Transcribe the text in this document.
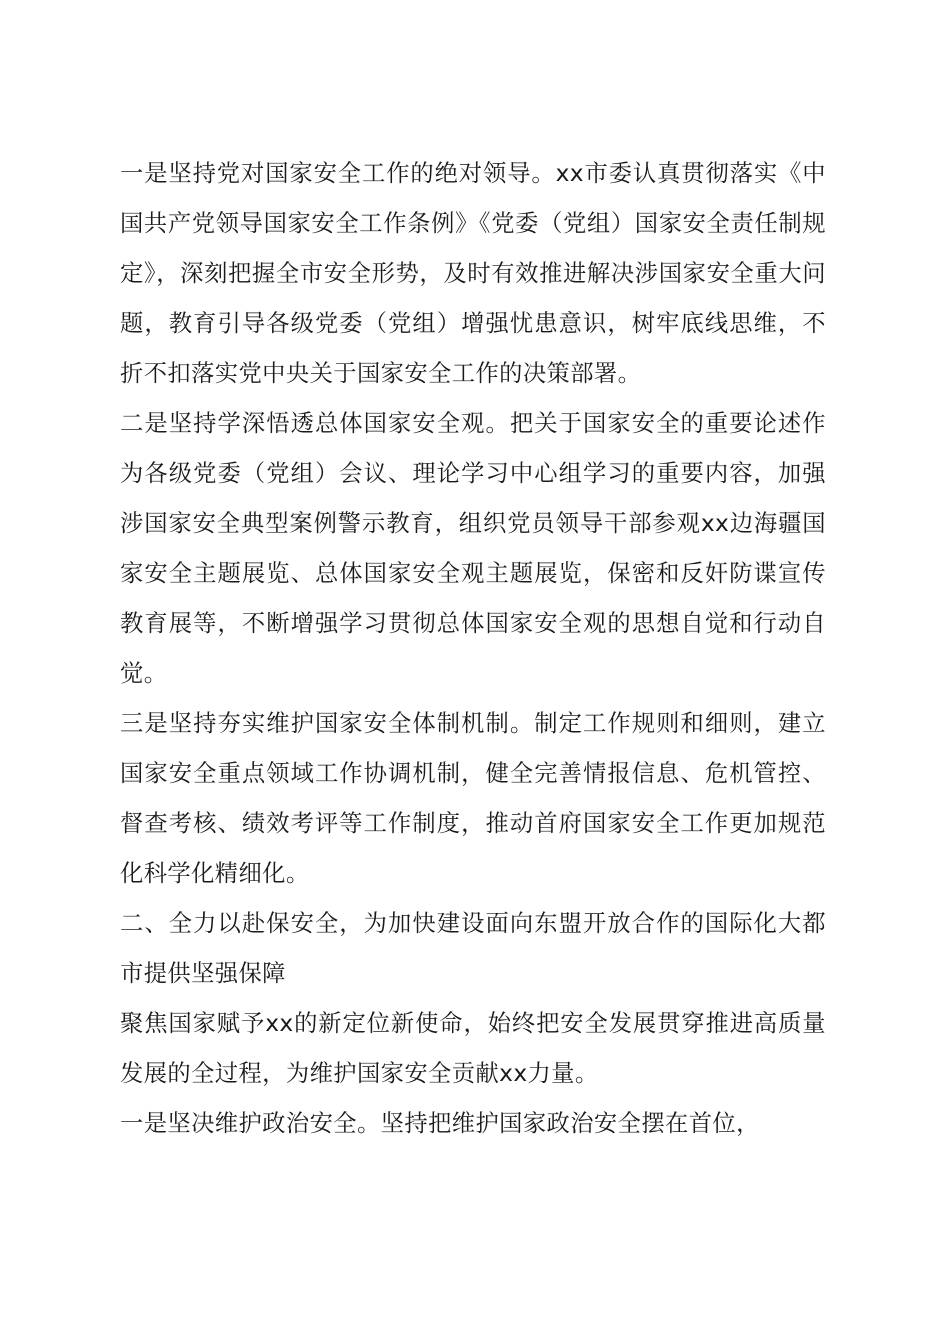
一是坚持党对国家安全工作的绝对领导。xx市委认真贯彻落实《中国共产党领导国家安全工作条例》《党委（党组）国家安全责任制规定》，深刻把握全市安全形势，及时有效推进解决涉国家安全重大问题，教育引导各级党委（党组）增强忧患意识，树牢底线思维，不折不扣落实党中央关于国家安全工作的决策部署。

二是坚持学深悟透总体国家安全观。把关于国家安全的重要论述作为各级党委（党组）会议、理论学习中心组学习的重要内容，加强涉国家安全典型案例警示教育，组织党员领导干部参观xx边海疆国家安全主题展览、总体国家安全观主题展览，保密和反奸防谍宣传教育展等，不断增强学习贯彻总体国家安全观的思想自觉和行动自觉。

三是坚持夯实维护国家安全体制机制。制定工作规则和细则，建立国家安全重点领域工作协调机制，健全完善情报信息、危机管控、督查考核、绩效考评等工作制度，推动首府国家安全工作更加规范化科学化精细化。

二、全力以赴保安全，为加快建设面向东盟开放合作的国际化大都市提供坚强保障

聚焦国家赋予xx的新定位新使命，始终把安全发展贯穿推进高质量发展的全过程，为维护国家安全贡献xx力量。

一是坚决维护政治安全。坚持把维护国家政治安全摆在首位，
